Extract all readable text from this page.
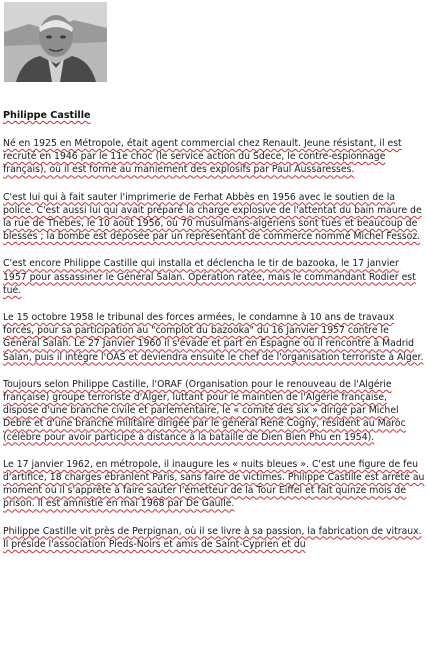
Philippe Castille

Né en 1925 en Métropole, était agent commercial chez Renault. Jeune résistant, il est recruté en 1946 par le 11e choc (le service action du Sdece, le contre-espionnage français), où il est formé au maniement des explosifs par Paul Aussaresses.

C'est lui qui à fait sauter l'imprimerie de Ferhat Abbès en 1956 avec le soutien de la police. C'est aussi lui qui avait préparé la charge explosive de l'attentat du bain maure de la rue de Thèbes, le 10 août 1956, où 70 musulmans-algériens sont tués et beaucoup de blessés ; la bombe est déposée par un représentant de commerce nommé Michel Fessoz.

C'est encore Philippe Castille qui installa et déclencha le tir de bazooka, le 17 janvier 1957 pour assassiner le Général Salan. Opération ratée, mais le commandant Rodier est tué.

Le 15 octobre 1958 le tribunal des forces armées, le condamne à 10 ans de travaux forcés, pour sa participation au "complot du bazooka" du 16 Janvier 1957 contre le Général Salah. Le 27 Janvier 1960 il s'évade et part en Espagne où il rencontre à Madrid Salan, puis il intègre l'OAS et deviendra ensuite le chef de l'organisation terroriste à Alger.

Toujours selon Philippe Castille, l'ORAF (Organisation pour le renouveau de l'Algérie française) groupe terroriste d'Alger, luttant pour le maintien de l'Algérie française, dispose d'une branche civile et parlementaire, le « comité des six » dirigé par Michel Debré et d'une branche militaire dirigée par le général René Cogny, résident au Maroc (célèbre pour avoir participé à distance à la bataille de Dien Bien Phu en 1954).

Le 17 janvier 1962, en métropole, il inaugure les « nuits bleues ». C'est une figure de feu d'artifice, 18 charges ébranlent Paris, sans faire de victimes. Philippe Castille est arrêté au moment où il s'apprête à faire sauter l'émetteur de la Tour Eiffel et fait quinze mois de prison. Il est amnistié en mai 1968 par De Gaulle.

Philippe Castille vit près de Perpignan, où il se livre à sa passion, la fabrication de vitraux. Il préside l'association Pieds-Noirs et amis de Saint-Cyprien et du
